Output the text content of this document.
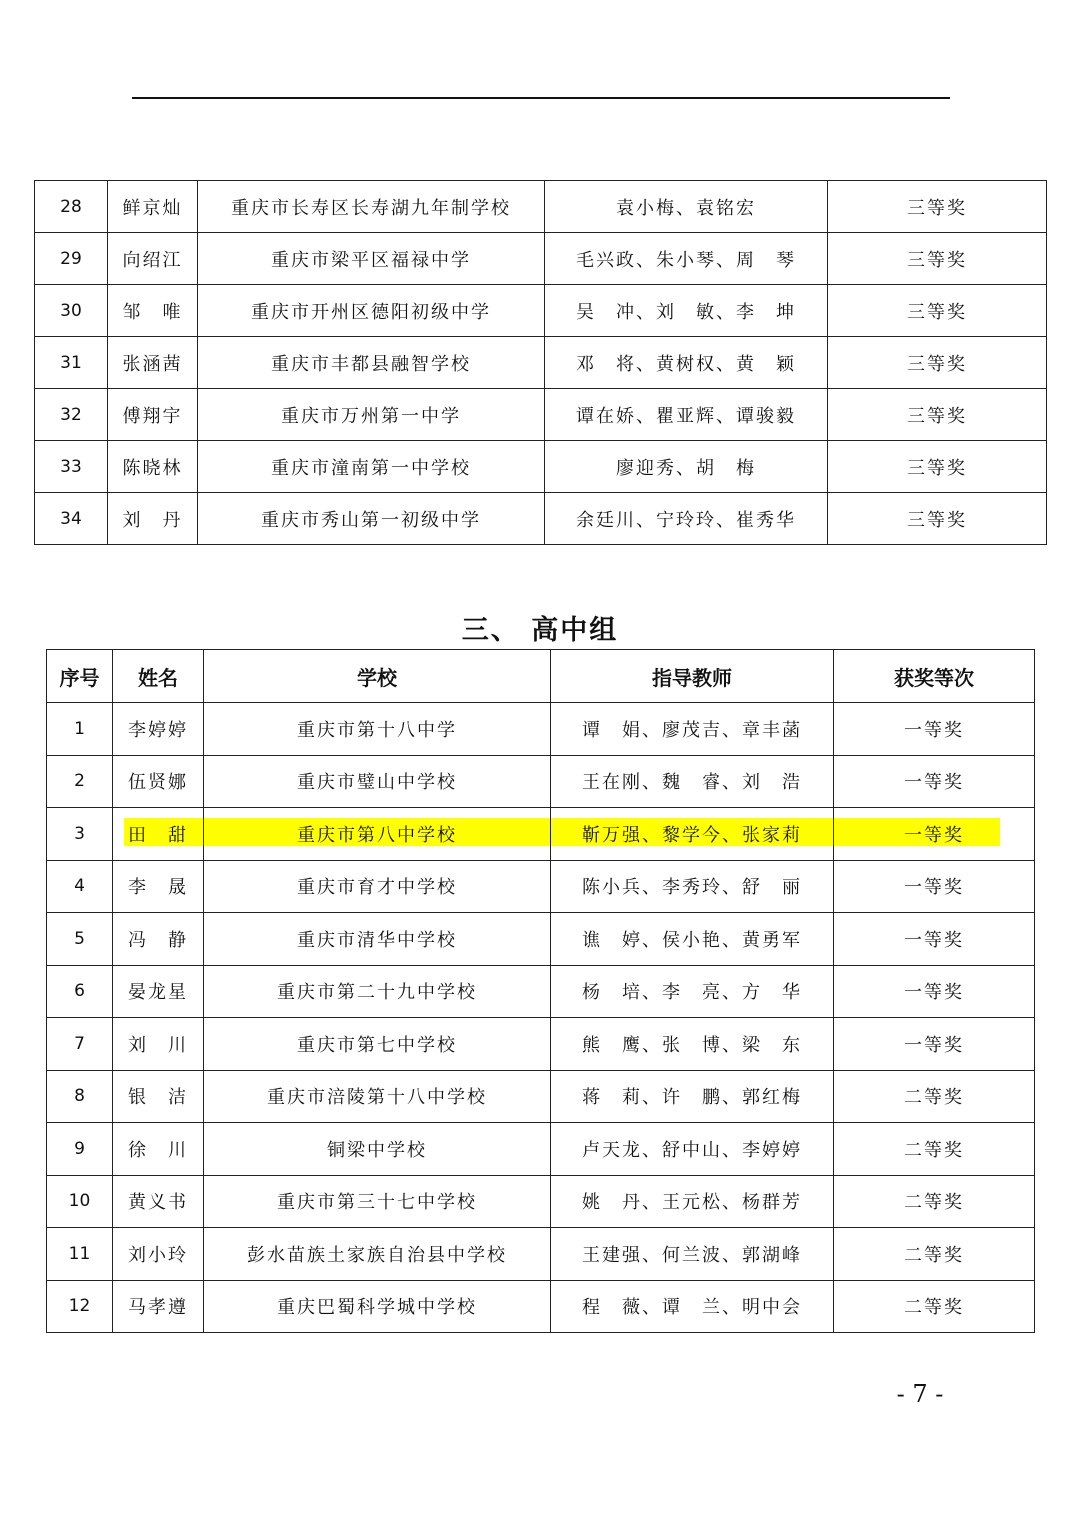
28	鲜京灿	重庆市长寿区长寿湖九年制学校	袁小梅、袁铭宏	三等奖
29	向绍江	重庆市梁平区福禄中学	毛兴政、朱小琴、周　琴	三等奖
30	邹　唯	重庆市开州区德阳初级中学	吴　冲、刘　敏、李　坤	三等奖
31	张涵茜	重庆市丰都县融智学校	邓　将、黄树权、黄　颖	三等奖
32	傅翔宇	重庆市万州第一中学	谭在娇、瞿亚辉、谭骏毅	三等奖
33	陈晓林	重庆市潼南第一中学校	廖迎秀、胡　梅	三等奖
34	刘　丹	重庆市秀山第一初级中学	余廷川、宁玲玲、崔秀华	三等奖
三、 高中组
序号	姓名	学校	指导教师	获奖等次
1	李婷婷	重庆市第十八中学	谭　娟、廖茂吉、章丰菡	一等奖
2	伍贤娜	重庆市璧山中学校	王在刚、魏　睿、刘　浩	一等奖
3	田　甜	重庆市第八中学校	靳万强、黎学今、张家莉	一等奖
4	李　晟	重庆市育才中学校	陈小兵、李秀玲、舒　丽	一等奖
5	冯　静	重庆市清华中学校	谯　婷、侯小艳、黄勇军	一等奖
6	晏龙星	重庆市第二十九中学校	杨　培、李　亮、方　华	一等奖
7	刘　川	重庆市第七中学校	熊　鹰、张　博、梁　东	一等奖
8	银　洁	重庆市涪陵第十八中学校	蒋　莉、许　鹏、郭红梅	二等奖
9	徐　川	铜梁中学校	卢天龙、舒中山、李婷婷	二等奖
10	黄义书	重庆市第三十七中学校	姚　丹、王元松、杨群芳	二等奖
11	刘小玲	彭水苗族土家族自治县中学校	王建强、何兰波、郭湖峰	二等奖
12	马孝遵	重庆巴蜀科学城中学校	程　薇、谭　兰、明中会	二等奖
- 7 -
